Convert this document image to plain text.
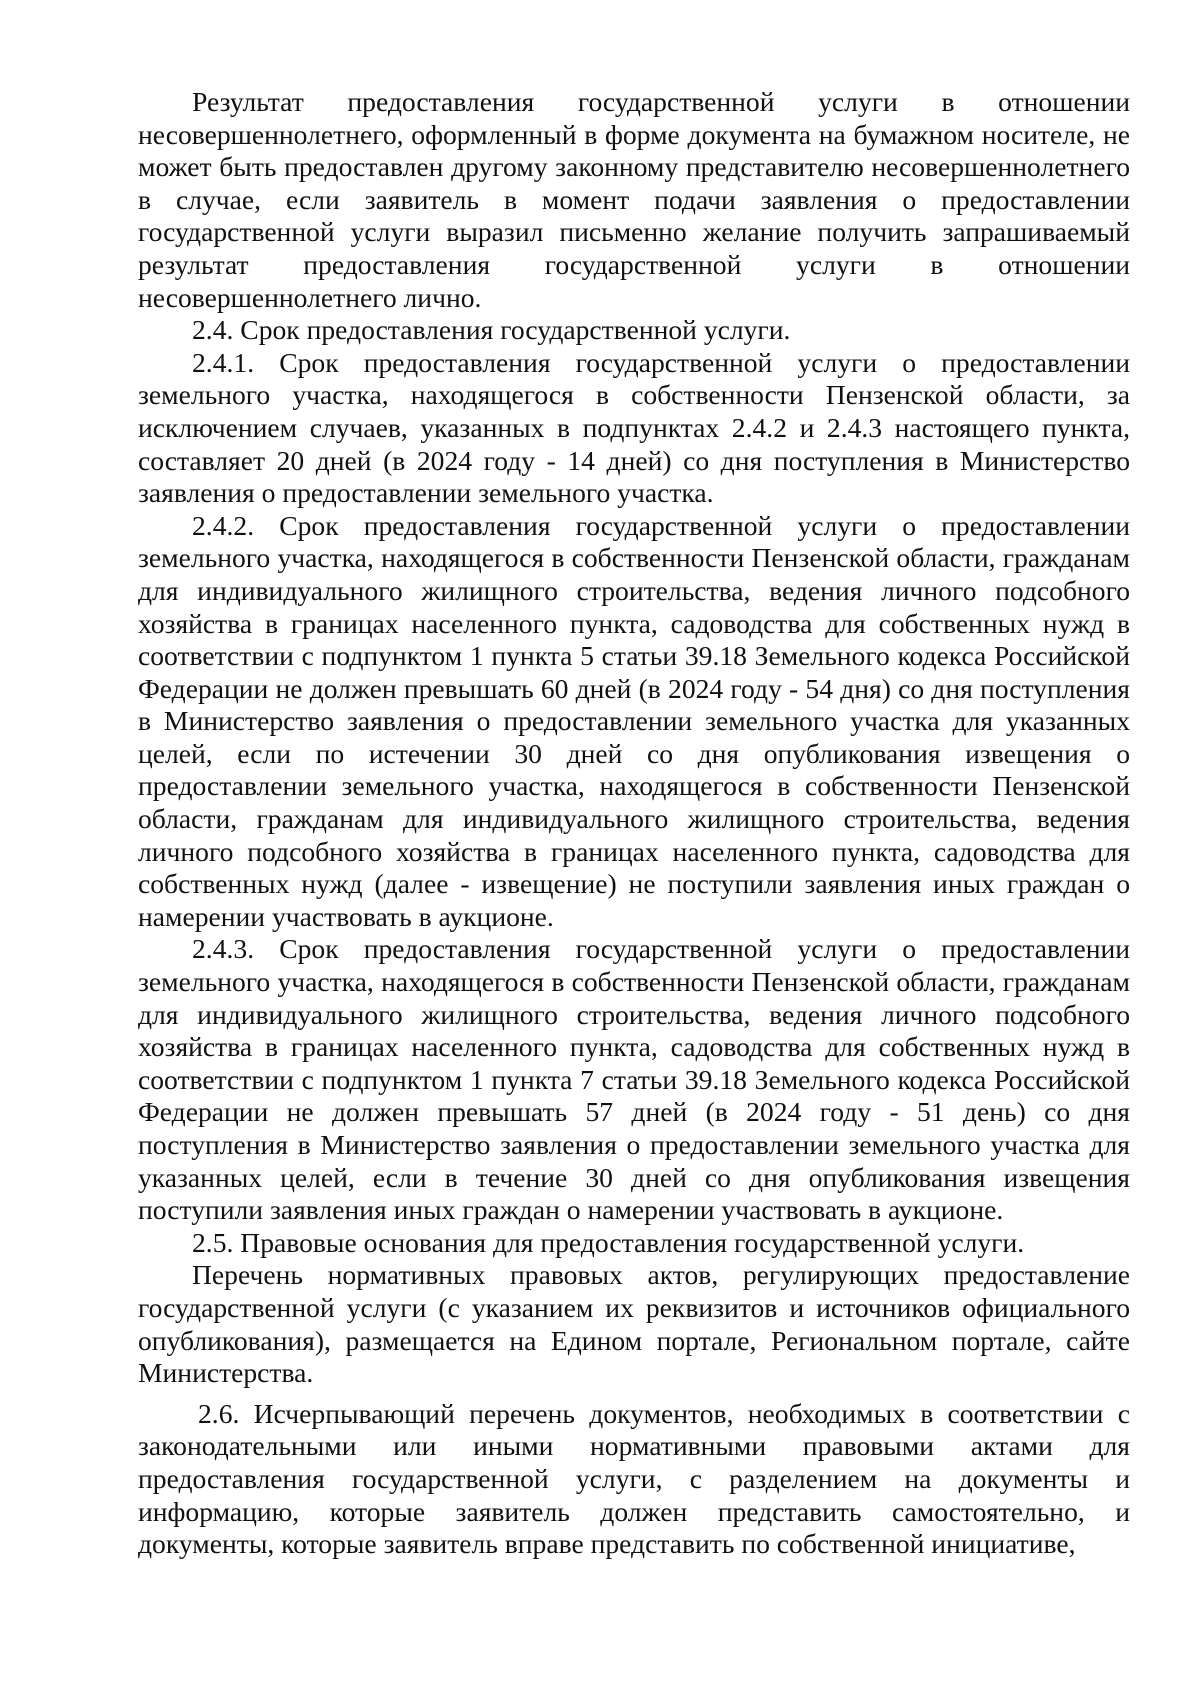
Результат предоставления государственной услуги в отношении несовершеннолетнего, оформленный в форме документа на бумажном носителе, не может быть предоставлен другому законному представителю несовершеннолетнего в случае, если заявитель в момент подачи заявления о предоставлении государственной услуги выразил письменно желание получить запрашиваемый результат предоставления государственной услуги в отношении несовершеннолетнего лично.

2.4. Срок предоставления государственной услуги.

2.4.1. Срок предоставления государственной услуги о предоставлении земельного участка, находящегося в собственности Пензенской области, за исключением случаев, указанных в подпунктах 2.4.2 и 2.4.3 настоящего пункта, составляет 20 дней (в 2024 году - 14 дней) со дня поступления в Министерство заявления о предоставлении земельного участка.

2.4.2. Срок предоставления государственной услуги о предоставлении земельного участка, находящегося в собственности Пензенской области, гражданам для индивидуального жилищного строительства, ведения личного подсобного хозяйства в границах населенного пункта, садоводства для собственных нужд в соответствии с подпунктом 1 пункта 5 статьи 39.18 Земельного кодекса Российской Федерации не должен превышать 60 дней (в 2024 году - 54 дня) со дня поступления в Министерство заявления о предоставлении земельного участка для указанных целей, если по истечении 30 дней со дня опубликования извещения о предоставлении земельного участка, находящегося в собственности Пензенской области, гражданам для индивидуального жилищного строительства, ведения личного подсобного хозяйства в границах населенного пункта, садоводства для собственных нужд (далее - извещение) не поступили заявления иных граждан о намерении участвовать в аукционе.

2.4.3. Срок предоставления государственной услуги о предоставлении земельного участка, находящегося в собственности Пензенской области, гражданам для индивидуального жилищного строительства, ведения личного подсобного хозяйства в границах населенного пункта, садоводства для собственных нужд в соответствии с подпунктом 1 пункта 7 статьи 39.18 Земельного кодекса Российской Федерации не должен превышать 57 дней (в 2024 году - 51 день) со дня поступления в Министерство заявления о предоставлении земельного участка для указанных целей, если в течение 30 дней со дня опубликования извещения поступили заявления иных граждан о намерении участвовать в аукционе.

2.5. Правовые основания для предоставления государственной услуги.

Перечень нормативных правовых актов, регулирующих предоставление государственной услуги (с указанием их реквизитов и источников официального опубликования), размещается на Едином портале, Региональном портале, сайте Министерства.

2.6. Исчерпывающий перечень документов, необходимых в соответствии с законодательными или иными нормативными правовыми актами для предоставления государственной услуги, с разделением на документы и информацию, которые заявитель должен представить самостоятельно, и документы, которые заявитель вправе представить по собственной инициативе,
